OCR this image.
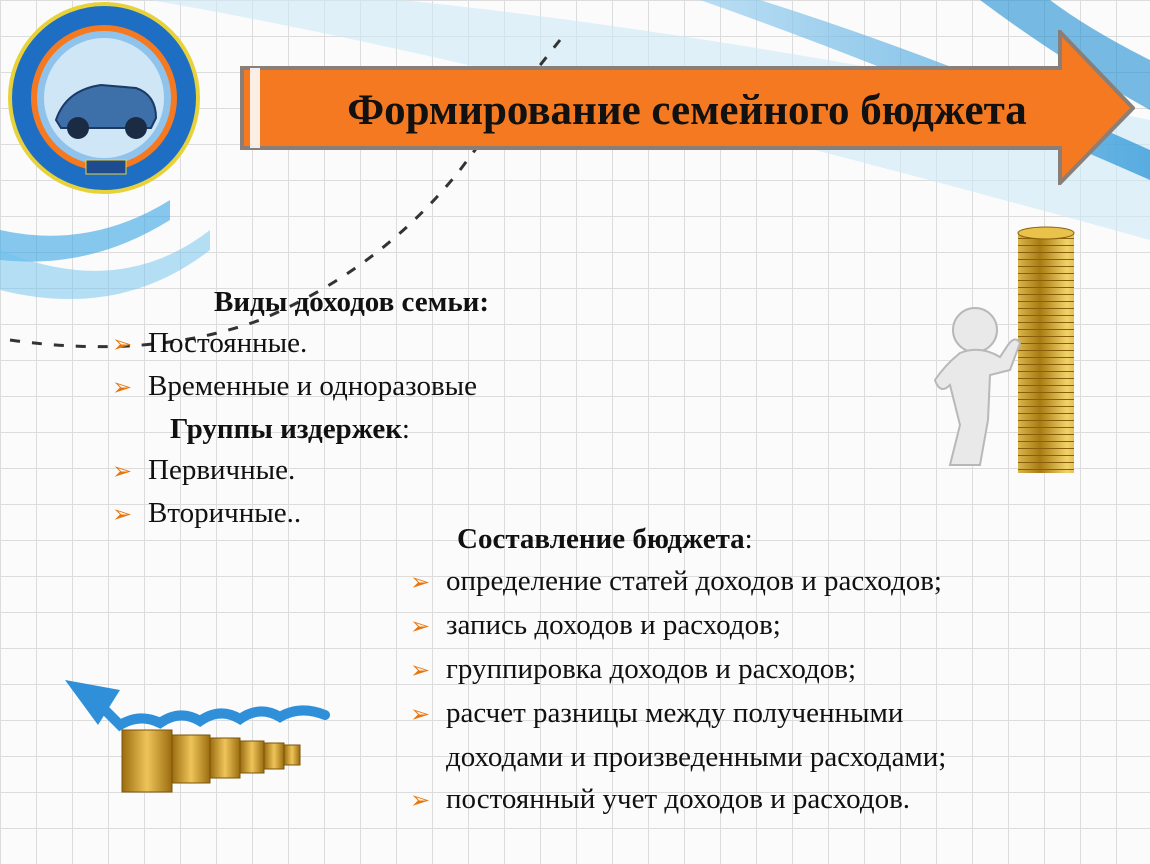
Формирование семейного бюджета
Виды доходов семьи:
➢ Постоянные.
➢ Временные и одноразовые
Группы издержек:
➢ Первичные.
➢ Вторичные..
Составление бюджета:
➢ определение статей доходов и расходов;
➢ запись доходов и расходов;
➢ группировка доходов и расходов;
➢ расчет разницы между полученными
доходами и произведенными расходами;
➢ постоянный учет доходов и расходов.
